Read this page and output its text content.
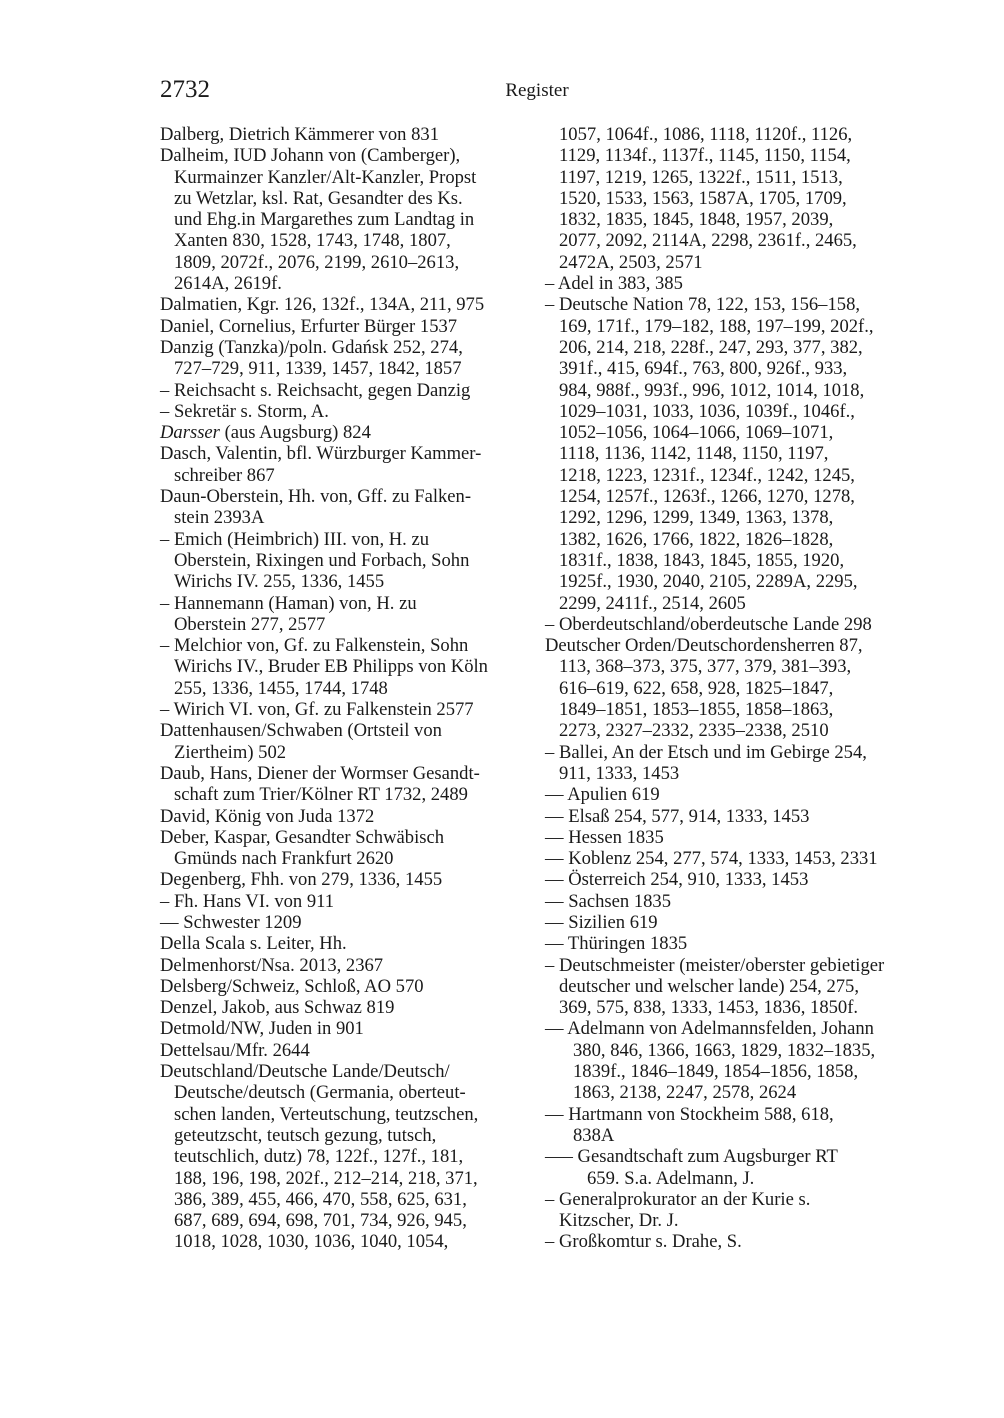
2732	Register
Dalberg, Dietrich Kämmerer von 831
Dalheim, IUD Johann von (Camberger),
Kurmainzer Kanzler/Alt-Kanzler, Propst
zu Wetzlar, ksl. Rat, Gesandter des Ks.
und Ehg.in Margarethes zum Landtag in
Xanten 830, 1528, 1743, 1748, 1807,
1809, 2072f., 2076, 2199, 2610–2613,
2614A, 2619f.
Dalmatien, Kgr. 126, 132f., 134A, 211, 975
Daniel, Cornelius, Erfurter Bürger 1537
Danzig (Tanzka)/poln. Gdańsk 252, 274,
727–729, 911, 1339, 1457, 1842, 1857
– Reichsacht s. Reichsacht, gegen Danzig
– Sekretär s. Storm, A.
Darsser (aus Augsburg) 824
Dasch, Valentin, bfl. Würzburger Kammer-
schreiber 867
Daun-Oberstein, Hh. von, Gff. zu Falken-
stein 2393A
– Emich (Heimbrich) III. von, H. zu
Oberstein, Rixingen und Forbach, Sohn
Wirichs IV. 255, 1336, 1455
– Hannemann (Haman) von, H. zu
Oberstein 277, 2577
– Melchior von, Gf. zu Falkenstein, Sohn
Wirichs IV., Bruder EB Philipps von Köln
255, 1336, 1455, 1744, 1748
– Wirich VI. von, Gf. zu Falkenstein 2577
Dattenhausen/Schwaben (Ortsteil von
Ziertheim) 502
Daub, Hans, Diener der Wormser Gesandt-
schaft zum Trier/Kölner RT 1732, 2489
David, König von Juda 1372
Deber, Kaspar, Gesandter Schwäbisch
Gmünds nach Frankfurt 2620
Degenberg, Fhh. von 279, 1336, 1455
– Fh. Hans VI. von 911
–– Schwester 1209
Della Scala s. Leiter, Hh.
Delmenhorst/Nsa. 2013, 2367
Delsberg/Schweiz, Schloß, AO 570
Denzel, Jakob, aus Schwaz 819
Detmold/NW, Juden in 901
Dettelsau/Mfr. 2644
Deutschland/Deutsche Lande/Deutsch/
Deutsche/deutsch (Germania, oberteut-
schen landen, Verteutschung, teutzschen,
geteutzscht, teutsch gezung, tutsch,
teutschlich, dutz) 78, 122f., 127f., 181,
188, 196, 198, 202f., 212–214, 218, 371,
386, 389, 455, 466, 470, 558, 625, 631,
687, 689, 694, 698, 701, 734, 926, 945,
1018, 1028, 1030, 1036, 1040, 1054,
1057, 1064f., 1086, 1118, 1120f., 1126,
1129, 1134f., 1137f., 1145, 1150, 1154,
1197, 1219, 1265, 1322f., 1511, 1513,
1520, 1533, 1563, 1587A, 1705, 1709,
1832, 1835, 1845, 1848, 1957, 2039,
2077, 2092, 2114A, 2298, 2361f., 2465,
2472A, 2503, 2571
– Adel in 383, 385
– Deutsche Nation 78, 122, 153, 156–158,
169, 171f., 179–182, 188, 197–199, 202f.,
206, 214, 218, 228f., 247, 293, 377, 382,
391f., 415, 694f., 763, 800, 926f., 933,
984, 988f., 993f., 996, 1012, 1014, 1018,
1029–1031, 1033, 1036, 1039f., 1046f.,
1052–1056, 1064–1066, 1069–1071,
1118, 1136, 1142, 1148, 1150, 1197,
1218, 1223, 1231f., 1234f., 1242, 1245,
1254, 1257f., 1263f., 1266, 1270, 1278,
1292, 1296, 1299, 1349, 1363, 1378,
1382, 1626, 1766, 1822, 1826–1828,
1831f., 1838, 1843, 1845, 1855, 1920,
1925f., 1930, 2040, 2105, 2289A, 2295,
2299, 2411f., 2514, 2605
– Oberdeutschland/oberdeutsche Lande 298
Deutscher Orden/Deutschordensherren 87,
113, 368–373, 375, 377, 379, 381–393,
616–619, 622, 658, 928, 1825–1847,
1849–1851, 1853–1855, 1858–1863,
2273, 2327–2332, 2335–2338, 2510
– Ballei, An der Etsch und im Gebirge 254,
911, 1333, 1453
–– Apulien 619
–– Elsaß 254, 577, 914, 1333, 1453
–– Hessen 1835
–– Koblenz 254, 277, 574, 1333, 1453, 2331
–– Österreich 254, 910, 1333, 1453
–– Sachsen 1835
–– Sizilien 619
–– Thüringen 1835
– Deutschmeister (meister/oberster gebietiger
deutscher und welscher lande) 254, 275,
369, 575, 838, 1333, 1453, 1836, 1850f.
–– Adelmann von Adelmannsfelden, Johann
380, 846, 1366, 1663, 1829, 1832–1835,
1839f., 1846–1849, 1854–1856, 1858,
1863, 2138, 2247, 2578, 2624
–– Hartmann von Stockheim 588, 618,
838A
––– Gesandtschaft zum Augsburger RT
659. S.a. Adelmann, J.
– Generalprokurator an der Kurie s.
Kitzscher, Dr. J.
– Großkomtur s. Drahe, S.
